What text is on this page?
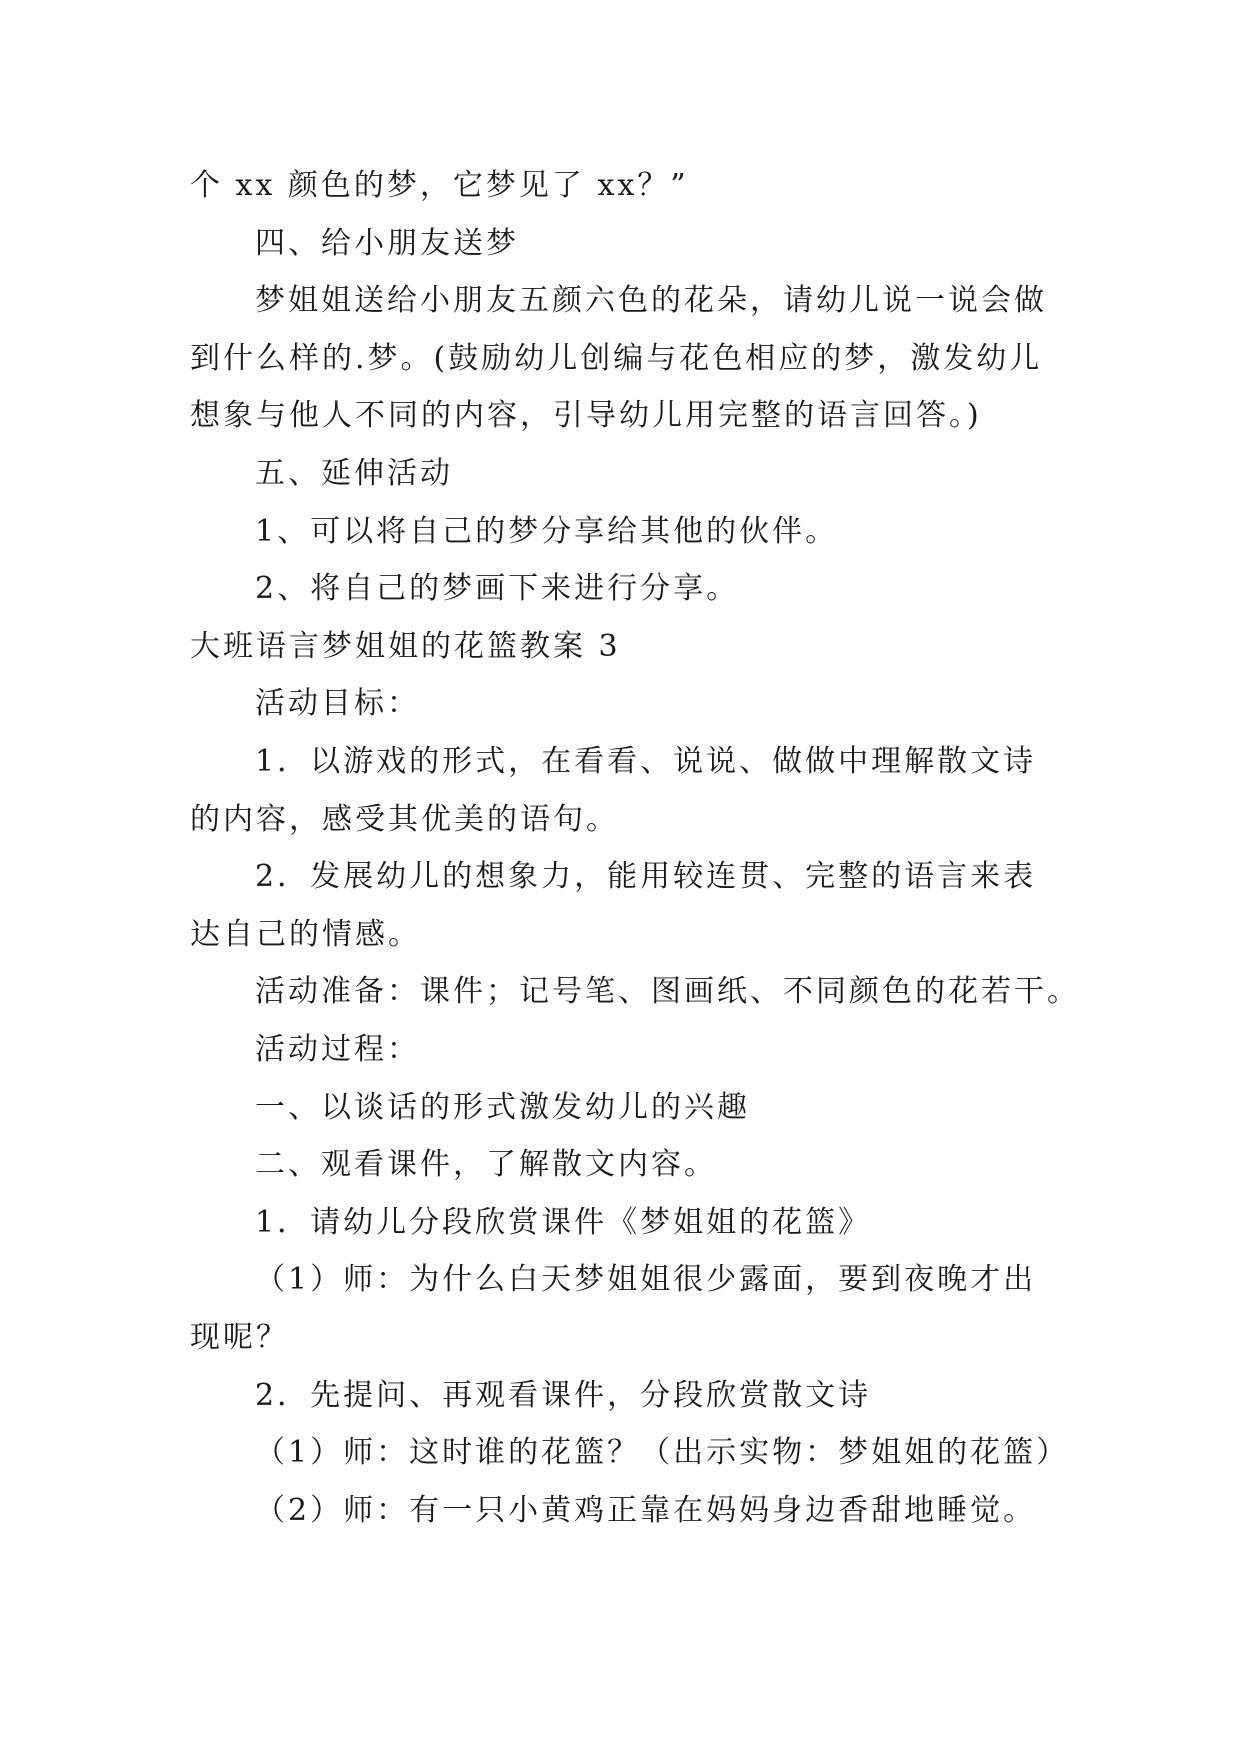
个 xx 颜色的梦，它梦见了 xx？”
四、给小朋友送梦
梦姐姐送给小朋友五颜六色的花朵，请幼儿说一说会做
到什么样的.梦。(鼓励幼儿创编与花色相应的梦，激发幼儿
想象与他人不同的内容，引导幼儿用完整的语言回答。)
五、延伸活动
1、可以将自己的梦分享给其他的伙伴。
2、将自己的梦画下来进行分享。
大班语言梦姐姐的花篮教案 3
活动目标：
1．以游戏的形式，在看看、说说、做做中理解散文诗
的内容，感受其优美的语句。
2．发展幼儿的想象力，能用较连贯、完整的语言来表
达自己的情感。
活动准备：课件；记号笔、图画纸、不同颜色的花若干。
活动过程：
一、以谈话的形式激发幼儿的兴趣
二、观看课件，了解散文内容。
1．请幼儿分段欣赏课件《梦姐姐的花篮》
（1）师：为什么白天梦姐姐很少露面，要到夜晚才出
现呢？
2．先提问、再观看课件，分段欣赏散文诗
（1）师：这时谁的花篮？（出示实物：梦姐姐的花篮）
（2）师：有一只小黄鸡正靠在妈妈身边香甜地睡觉。
